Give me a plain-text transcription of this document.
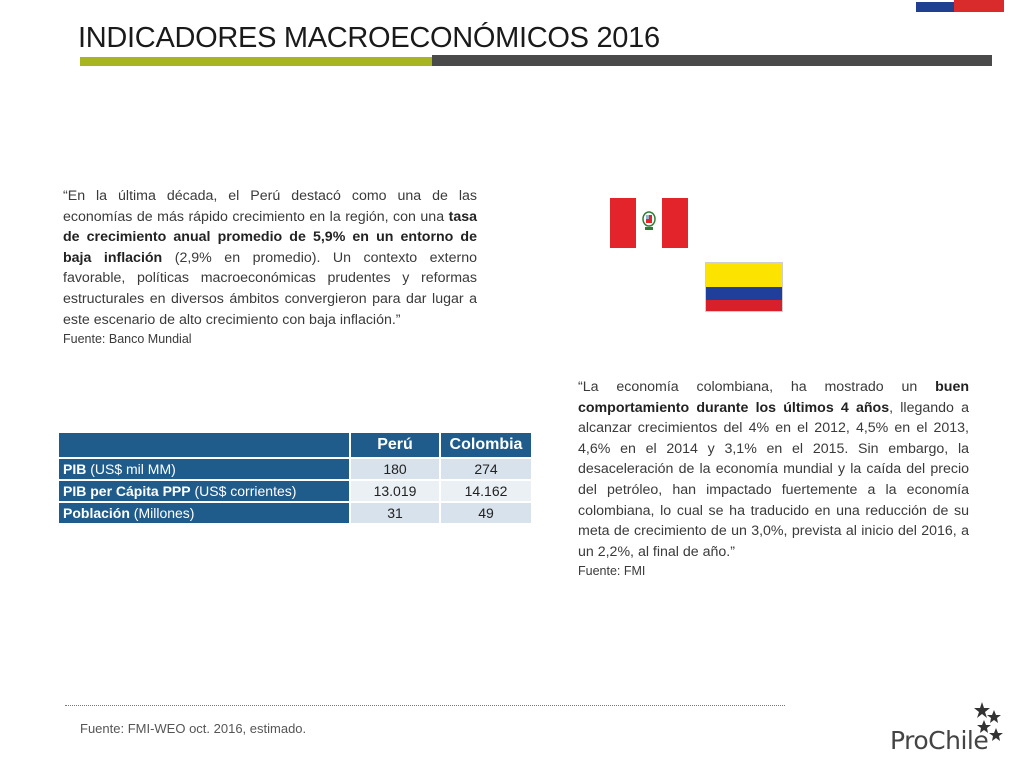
INDICADORES MACROECONÓMICOS 2016
“En la última década, el Perú destacó como una de las economías de más rápido crecimiento en la región, con una tasa de crecimiento anual promedio de 5,9% en un entorno de baja inflación (2,9% en promedio). Un contexto externo favorable, políticas macroeconómicas prudentes y reformas estructurales en diversos ámbitos convergieron para dar lugar a este escenario de alto crecimiento con baja inflación.”
Fuente: Banco Mundial
	Perú	Colombia
PIB (US$ mil MM)	180	274
PIB per Cápita PPP (US$ corrientes)	13.019	14.162
Población (Millones)	31	49
“La economía colombiana, ha mostrado un buen comportamiento durante los últimos 4 años, llegando a alcanzar crecimientos del 4% en el 2012, 4,5% en el 2013, 4,6% en el 2014 y 3,1% en el 2015. Sin embargo, la desaceleración de la economía mundial y la caída del precio del petróleo, han impactado fuertemente a la economía colombiana, lo cual se ha traducido en una reducción de su meta de crecimiento de un 3,0%, prevista al inicio del 2016, a un 2,2%, al final de año.”
Fuente: FMI
Fuente: FMI-WEO oct. 2016, estimado.	ProChile
